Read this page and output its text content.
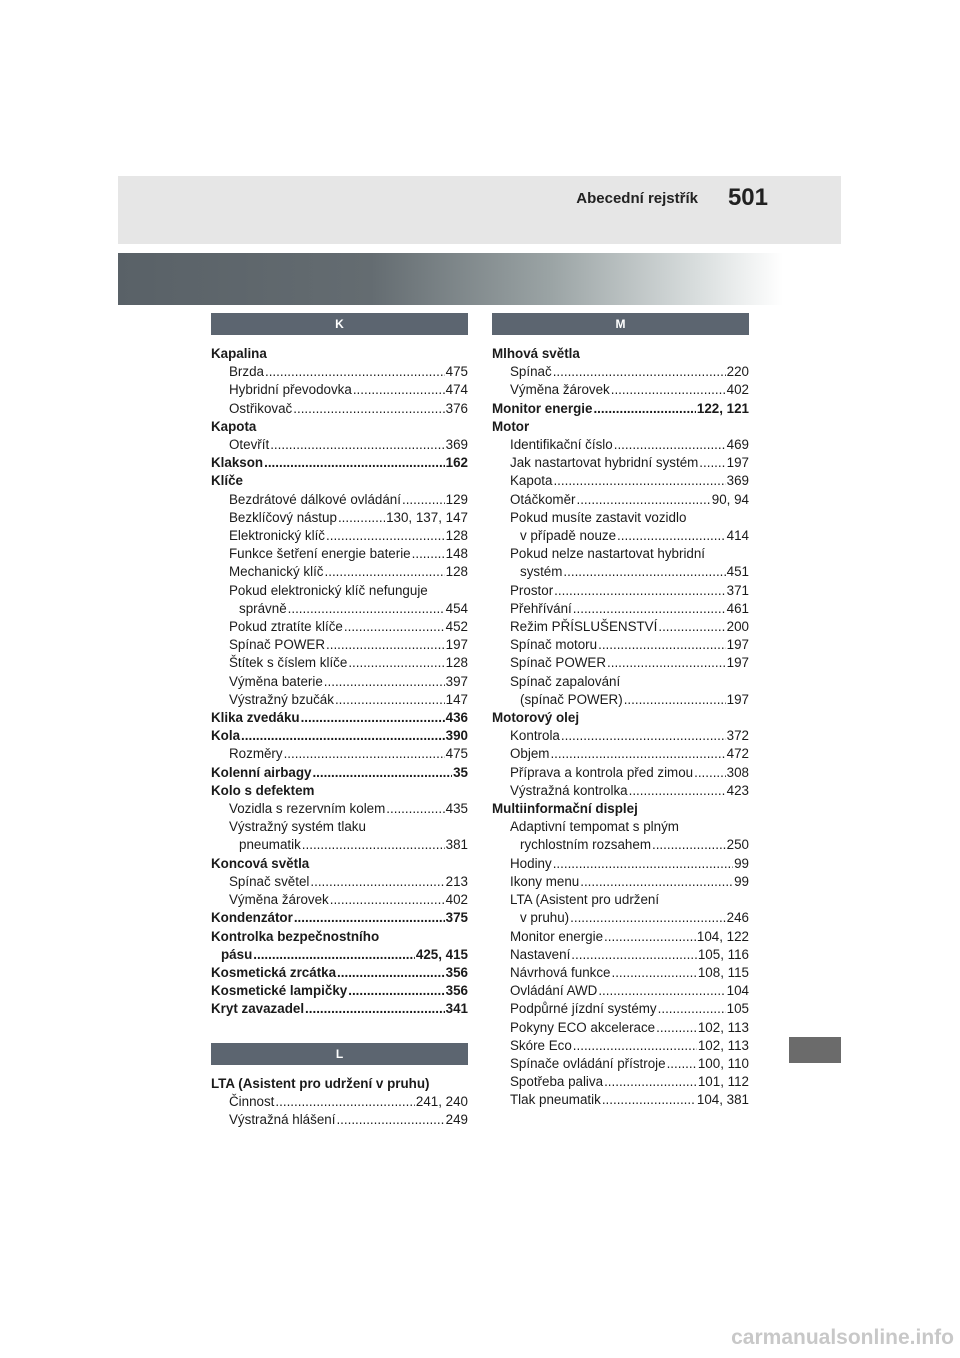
Abecední rejstřík 501
K
Kapalina
Brzda .....	475
Hybridní převodovka .....	474
Ostřikovač .....	376
Kapota
Otevřít .....	369
Klakson .....	162
Klíče
Bezdrátové dálkové ovládání .....	129
Bezklíčový nástup .....	130, 137, 147
Elektronický klíč .....	128
Funkce šetření energie baterie .....	148
Mechanický klíč .....	128
Pokud elektronický klíč nefunguje
správně .....	454
Pokud ztratíte klíče .....	452
Spínač POWER .....	197
Štítek s číslem klíče .....	128
Výměna baterie .....	397
Výstražný bzučák .....	147
Klika zvedáku .....	436
Kola .....	390
Rozměry .....	475
Kolenní airbagy .....	35
Kolo s defektem
Vozidla s rezervním kolem .....	435
Výstražný systém tlaku
pneumatik .....	381
Koncová světla
Spínač světel .....	213
Výměna žárovek .....	402
Kondenzátor .....	375
Kontrolka bezpečnostního
pásu .....	425, 415
Kosmetická zrcátka .....	356
Kosmetické lampičky .....	356
Kryt zavazadel .....	341
L
LTA (Asistent pro udržení v pruhu)
Činnost .....	241, 240
Výstražná hlášení .....	249
M
Mlhová světla
Spínač .....	220
Výměna žárovek .....	402
Monitor energie .....	122, 121
Motor
Identifikační číslo .....	469
Jak nastartovat hybridní systém ..... 197
Kapota .....	369
Otáčkoměr .....	90, 94
Pokud musíte zastavit vozidlo
v případě nouze .....	414
Pokud nelze nastartovat hybridní
systém .....	451
Prostor .....	371
Přehřívání .....	461
Režim PŘÍSLUŠENSTVÍ .....	200
Spínač motoru .....	197
Spínač POWER .....	197
Spínač zapalování
(spínač POWER) .....	197
Motorový olej
Kontrola .....	372
Objem .....	472
Příprava a kontrola před zimou .....	308
Výstražná kontrolka .....	423
Multiinformační displej
Adaptivní tempomat s plným
rychlostním rozsahem .....	250
Hodiny .....	99
Ikony menu .....	99
LTA (Asistent pro udržení
v pruhu) .....	246
Monitor energie .....	104, 122
Nastavení .....	105, 116
Návrhová funkce .....	108, 115
Ovládání AWD .....	104
Podpůrné jízdní systémy .....	105
Pokyny ECO akcelerace .....	102, 113
Skóre Eco .....	102, 113
Spínače ovládání přístroje ..... 100, 110
Spotřeba paliva .....	101, 112
Tlak pneumatik .....	104, 381
carmanualsonline.info
